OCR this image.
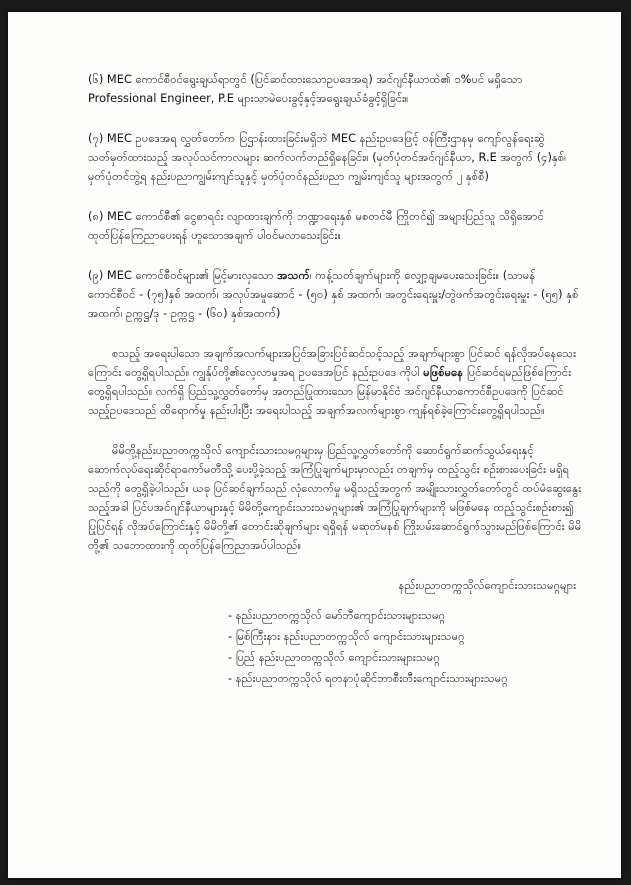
(၆) MEC ကောင်စီဝင်ရွေးချယ်ရာတွင် (ပြင်ဆင်ထားသောဥပဒေအရ) အင်ဂျင်နီယာထဲ၏ ၁%ပင် မရှိသော Professional Engineer, P.E များသာမဲပေးခွင့်နှင့်အရွေးချယ်ခံခွင့်ရှိခြင်း။

(၇) MEC ဥပဒေအရ လွှတ်တော်က ပြဌာန်းထားခြင်းမရှိဘဲ MEC နည်းဥပဒေဖြင့် ဝန်ကြီးဌာနမှ ကျော်လွန်ရေးဆွဲ သတ်မှတ်ထားသည့် အလုပ်သင်ကာလများ ဆက်လက်တည်ရှိနေခြင်း။ (မှတ်ပုံတင်အင်ဂျင်နီယာ, R.E အတွက် (၄)နှစ်၊ မှတ်ပုံတင်ဘွဲ့ရ နည်းပညာကျွမ်းကျင်သူနှင့် မှတ်ပုံတင်နည်းပညာ ကျွမ်းကျင်သူ များအတွက် ၂ နှစ်စီ)

(၈) MEC ကောင်စီ၏ ငွေစာရင်း လျာထားချက်ကို ဘဏ္ဍာရေးနှစ် မစတင်မီ ကြိုတင်၍ အများပြည်သူ သိရှိအောင် ထုတ်ပြန်ကြေညာပေးရန် ဟူသောအချက် ပါဝင်မလာသေးခြင်း။

(၉) MEC ကောင်စီဝင်များ၏ မြင့်မားလှသော အသက်၊ ကန့်သတ်ချက်များကို လျှော့ချမပေးသေးခြင်း။ (သာမန်ကောင်စီဝင် - (၇၅)နှစ် အထက်၊ အလုပ်အမှုဆောင် - (၅၀) နှစ် အထက်၊ အတွင်းရေးမှူး/တွဲဖက်အတွင်းရေးမှူး - (၅၅) နှစ်အထက်၊ ဥက္ကဋ္ဌ/ဒု - ဥက္ကဋ္ဌ - (၆၀) နှစ်အထက်)

စသည့် အရေးပါသော အချက်အလက်များအပြင်အခြားပြင်ဆင်သင့်သည့် အချက်များစွာ ပြင်ဆင် ရန်လိုအပ်နေသေးကြောင်း တွေ့ရှိရပါသည်။ ကျွန်ုပ်တို့၏လေ့လာမှုအရ ဥပဒေအပြင် နည်းဥပဒေ ကိုပါ မဖြစ်မနေ ပြင်ဆင်ရမည်ဖြစ်ကြောင်း တွေ့ရှိရပါသည်။ လက်ရှိ ပြည်သူ့လွှတ်တော်မှ အတည်ပြုထားသော မြန်မာနိုင်ငံ အင်ဂျင်နီယာကောင်စီဥပဒေကို ပြင်ဆင်သည့်ဥပဒေသည် ထိရောက်မှု နည်းပါးပြီး အရေးပါသည့် အချက်အလက်များစွာ ကျန်ရစ်ခဲ့ကြောင်းတွေ့ရှိရပါသည်။

မိမိတို့နည်းပညာတက္ကသိုလ် ကျောင်းသားသမဂ္ဂများမှ ပြည်သူ့လွှတ်တော်ကို ဆောင်ရွက်ဆက်သွယ်ရေးနှင့်ဆောက်လုပ်ရေးဆိုင်ရာကော်မတီသို့ ပေးပို့ခဲ့သည့် အကြံပြုချက်များမှာလည်း တချက်မှ ထည့်သွင်း စဉ်းစားပေးခြင်း မရှိရသည်ကို တွေ့ရှိခဲ့ပါသည်။ ယခု ပြင်ဆင်ချက်သည် လုံလောက်မှု မရှိသည့်အတွက် အမျိုးသားလွှတ်တော်တွင် ထပ်မံဆွေးနွေးသည့်အခါ ပြင်ပအင်ဂျင်နီယာများနှင့် မိမိတို့ကျောင်းသားသမဂ္ဂများ၏ အကြံပြုချက်များကို မဖြစ်မနေ ထည့်သွင်းစဉ်းစား၍ ပြုပြင်ရန် လိုအပ်ကြောင်းနှင့် မိမိတို့၏ တောင်းဆိုချက်များ ရရှိရန် မဆုတ်မနစ် ကြိုးပမ်းဆောင်ရွက်သွားမည်ဖြစ်ကြောင်း မိမိတို့၏ သဘောထားကို ထုတ်ပြန်ကြေညာအပ်ပါသည်။

နည်းပညာတက္ကသိုလ်ကျောင်းသားသမဂ္ဂများ

- နည်းပညာတက္ကသိုလ် မော်ဘီကျောင်းသားများသမဂ္ဂ
- မြစ်ကြီးနား နည်းပညာတက္ကသိုလ် ကျောင်းသားများသမဂ္ဂ
- ပြည် နည်းပညာတက္ကသိုလ် ကျောင်းသားများသမဂ္ဂ
- နည်းပညာတက္ကသိုလ် ရတနာပုံဆိုင်ဘာစီးတီးကျောင်းသားများသမဂ္ဂ
